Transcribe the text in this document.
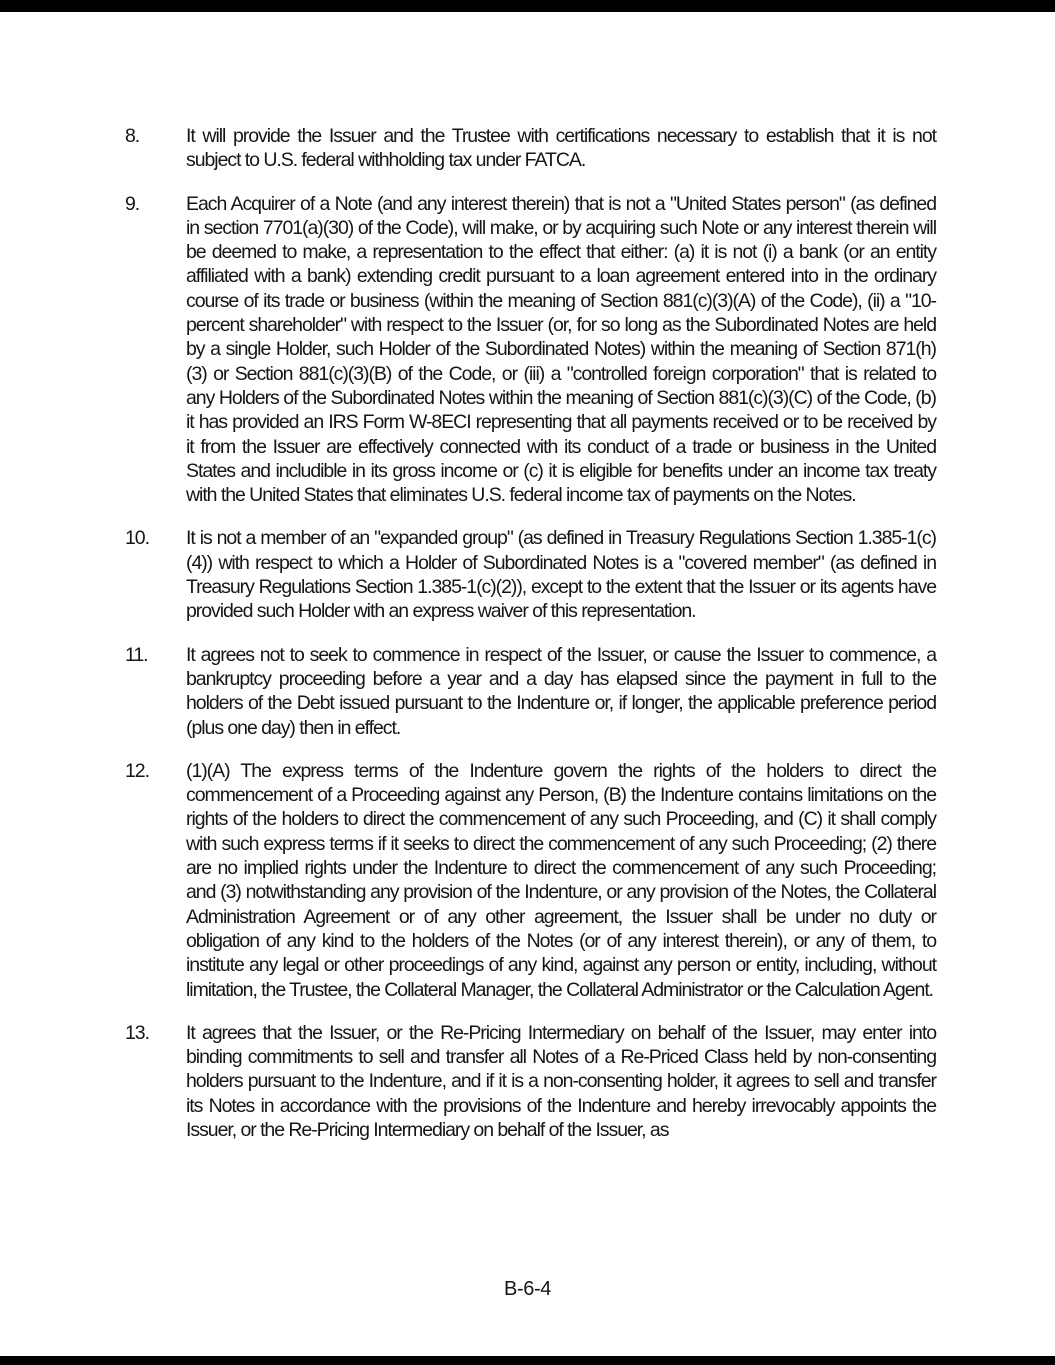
8.	It will provide the Issuer and the Trustee with certifications necessary to establish that it is not subject to U.S. federal withholding tax under FATCA.
9.	Each Acquirer of a Note (and any interest therein) that is not a "United States person" (as defined in section 7701(a)(30) of the Code), will make, or by acquiring such Note or any interest therein will be deemed to make, a representation to the effect that either: (a) it is not (i) a bank (or an entity affiliated with a bank) extending credit pursuant to a loan agreement entered into in the ordinary course of its trade or business (within the meaning of Section 881(c)(3)(A) of the Code), (ii) a "10-percent shareholder" with respect to the Issuer (or, for so long as the Subordinated Notes are held by a single Holder, such Holder of the Subordinated Notes) within the meaning of Section 871(h)(3) or Section 881(c)(3)(B) of the Code, or (iii) a "controlled foreign corporation" that is related to any Holders of the Subordinated Notes within the meaning of Section 881(c)(3)(C) of the Code, (b) it has provided an IRS Form W-8ECI representing that all payments received or to be received by it from the Issuer are effectively connected with its conduct of a trade or business in the United States and includible in its gross income or (c) it is eligible for benefits under an income tax treaty with the United States that eliminates U.S. federal income tax of payments on the Notes.
10.	It is not a member of an "expanded group" (as defined in Treasury Regulations Section 1.385-1(c)(4)) with respect to which a Holder of Subordinated Notes is a "covered member" (as defined in Treasury Regulations Section 1.385-1(c)(2)), except to the extent that the Issuer or its agents have provided such Holder with an express waiver of this representation.
11.	It agrees not to seek to commence in respect of the Issuer, or cause the Issuer to commence, a bankruptcy proceeding before a year and a day has elapsed since the payment in full to the holders of the Debt issued pursuant to the Indenture or, if longer, the applicable preference period (plus one day) then in effect.
12.	(1)(A) The express terms of the Indenture govern the rights of the holders to direct the commencement of a Proceeding against any Person, (B) the Indenture contains limitations on the rights of the holders to direct the commencement of any such Proceeding, and (C) it shall comply with such express terms if it seeks to direct the commencement of any such Proceeding; (2) there are no implied rights under the Indenture to direct the commencement of any such Proceeding; and (3) notwithstanding any provision of the Indenture, or any provision of the Notes, the Collateral Administration Agreement or of any other agreement, the Issuer shall be under no duty or obligation of any kind to the holders of the Notes (or of any interest therein), or any of them, to institute any legal or other proceedings of any kind, against any person or entity, including, without limitation, the Trustee, the Collateral Manager, the Collateral Administrator or the Calculation Agent.
13.	It agrees that the Issuer, or the Re-Pricing Intermediary on behalf of the Issuer, may enter into binding commitments to sell and transfer all Notes of a Re-Priced Class held by non-consenting holders pursuant to the Indenture, and if it is a non-consenting holder, it agrees to sell and transfer its Notes in accordance with the provisions of the Indenture and hereby irrevocably appoints the Issuer, or the Re-Pricing Intermediary on behalf of the Issuer, as
B-6-4
